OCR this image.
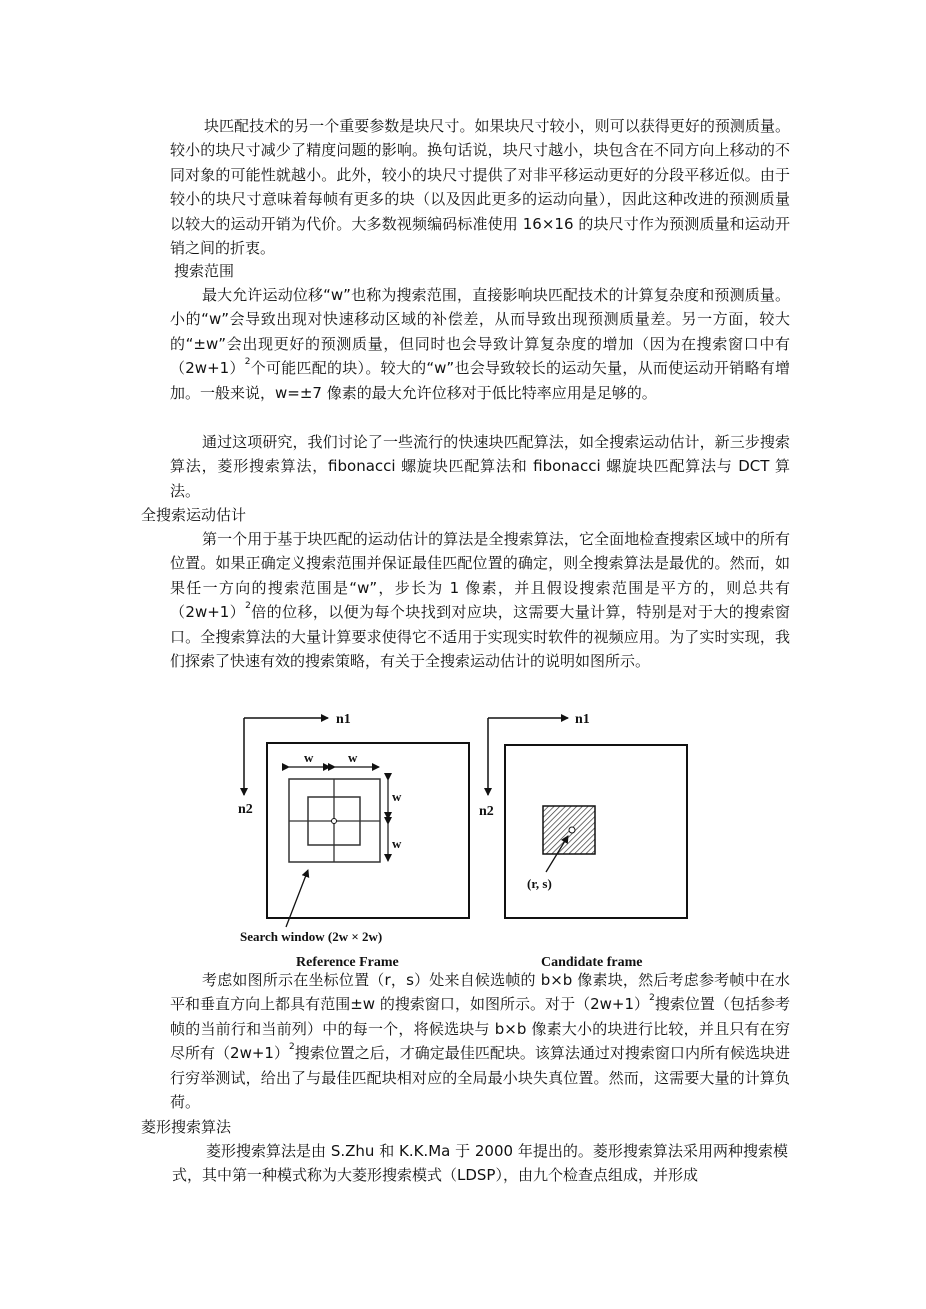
块匹配技术的另一个重要参数是块尺寸。如果块尺寸较小，则可以获得更好的预测质量。较小的块尺寸减少了精度问题的影响。换句话说，块尺寸越小，块包含在不同方向上移动的不同对象的可能性就越小。此外，较小的块尺寸提供了对非平移运动更好的分段平移近似。由于较小的块尺寸意味着每帧有更多的块（以及因此更多的运动向量），因此这种改进的预测质量以较大的运动开销为代价。大多数视频编码标准使用 16×16 的块尺寸作为预测质量和运动开销之间的折衷。

搜索范围

最大允许运动位移“w”也称为搜索范围，直接影响块匹配技术的计算复杂度和预测质量。小的“w”会导致出现对快速移动区域的补偿差，从而导致出现预测质量差。另一方面，较大的“±w”会出现更好的预测质量，但同时也会导致计算复杂度的增加（因为在搜索窗口中有$(2w+1)^2$个可能匹配的块）。较大的“w”也会导致较长的运动矢量，从而使运动开销略有增加。一般来说，w=±7 像素的最大允许位移对于低比特率应用是足够的。

通过这项研究，我们讨论了一些流行的快速块匹配算法，如全搜索运动估计，新三步搜索算法，菱形搜索算法，fibonacci 螺旋块匹配算法和 fibonacci 螺旋块匹配算法与 DCT 算法。

全搜索运动估计

第一个用于基于块匹配的运动估计的算法是全搜索算法，它全面地检查搜索区域中的所有位置。如果正确定义搜索范围并保证最佳匹配位置的确定，则全搜索算法是最优的。然而，如果任一方向的搜索范围是“w”，步长为 1 像素，并且假设搜索范围是平方的，则总共有$(2w+1)^2$倍的位移，以便为每个块找到对应块，这需要大量计算，特别是对于大的搜索窗口。全搜索算法的大量计算要求使得它不适用于实现实时软件的视频应用。为了实时实现，我们探索了快速有效的搜索策略，有关于全搜索运动估计的说明如图所示。

n1
n2
w	w
w
w
Search window (2w × 2w)
Reference Frame
n1
n2
(r, s)
Candidate frame

考虑如图所示在坐标位置（r，s）处来自候选帧的 b×b 像素块，然后考虑参考帧中在水平和垂直方向上都具有范围±w 的搜索窗口，如图所示。对于$(2w+1)^2$搜索位置（包括参考帧的当前行和当前列）中的每一个，将候选块与 b×b 像素大小的块进行比较，并且只有在穷尽所有$(2w+1)^2$搜索位置之后，才确定最佳匹配块。该算法通过对搜索窗口内所有候选块进行穷举测试，给出了与最佳匹配块相对应的全局最小块失真位置。然而，这需要大量的计算负荷。

菱形搜索算法

菱形搜索算法是由 S.Zhu 和 K.K.Ma 于 2000 年提出的。菱形搜索算法采用两种搜索模式，其中第一种模式称为大菱形搜索模式（LDSP），由九个检查点组成，并形成
